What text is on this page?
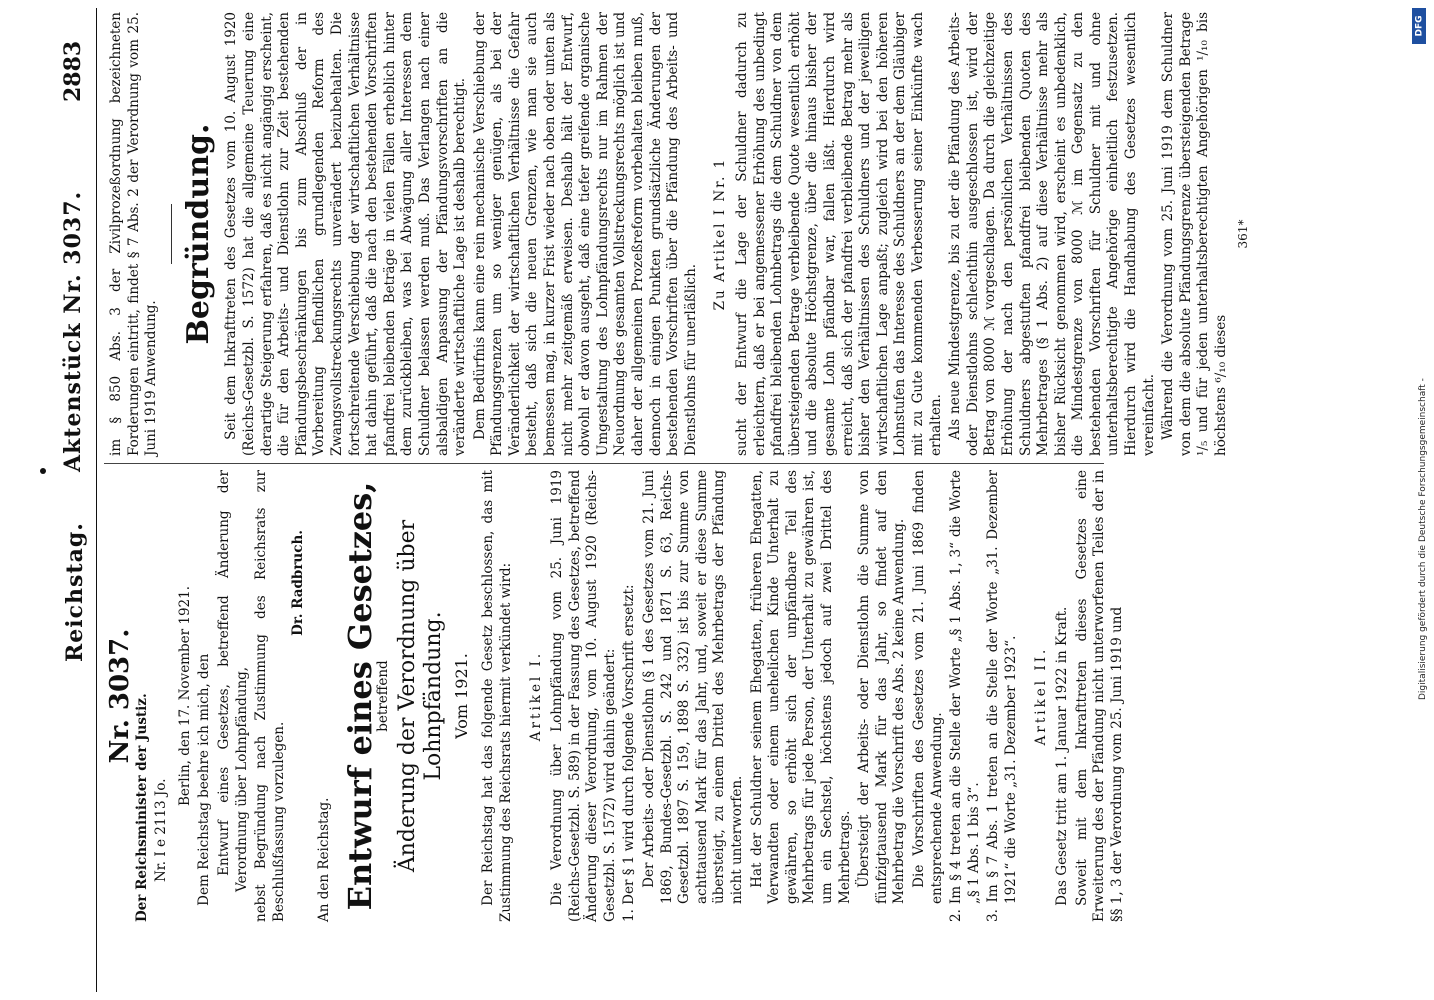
Reichstag.
Aktenstück Nr. 3037.
2883

Nr. 3037.

Der Reichsminister der Justiz. Nr. I e 2113 Jo.

Berlin, den 17. November 1921. Dem Reichstag beehre ich mich, den Entwurf eines Gesetzes, betreffend Änderung der Verordnung über Lohnpfändung, nebst Begründung nach Zustimmung des Reichsrats zur Beschlußfassung vorzulegen.

Dr. Radbruch.

An den Reichstag. Entwurf eines Gesetzes,

betreffend Änderung der Verordnung über Lohnpfändung. Vom 1921. Der Reichstag hat das folgende Gesetz beschlossen, das mit Zustimmung des Reichsrats hiermit verkündet wird: Artikel I. Die Verordnung über Lohnpfändung vom 25. Juni 1919 (Reichs-Gesetzbl. S. 589) in der Fassung des Gesetzes, betreffend Änderung dieser Verordnung, vom 10. August 1920 (Reichs-Gesetzbl. S. 1572) wird dahin geändert: 1. Der § 1 wird durch folgende Vorschrift ersetzt: Der Arbeits- oder Dienstlohn (§ 1 des Gesetzes vom 21. Juni 1869, Bundes-Gesetzbl. S. 242 und 1871 S. 63, Reichs-Gesetzbl. 1897 S. 159, 1898 S. 332) ist bis zur Summe von achttausend Mark für das Jahr, und, soweit er diese Summe übersteigt, zu einem Drittel des Mehrbetrags der Pfändung nicht unterworfen. Hat der Schuldner seinem Ehegatten, früheren Ehegatten, Verwandten oder einem unehelichen Kinde Unterhalt zu gewähren, so erhöht sich der unpfändbare Teil des Mehrbetrags für jede Person, der Unterhalt zu gewähren ist, um ein Sechstel, höchstens jedoch auf zwei Drittel des Mehrbetrags. Übersteigt der Arbeits- oder Dienstlohn die Summe von fünfzigtausend Mark für das Jahr, so findet auf den Mehrbetrag die Vorschrift des Abs. 2 keine Anwendung. Die Vorschriften des Gesetzes vom 21. Juni 1869 finden entsprechende Anwendung. 2. Im § 4 treten an die Stelle der Worte „§ 1 Abs. 1, 3“ die Worte „§ 1 Abs. 1 bis 3“. 3. Im § 7 Abs. 1 treten an die Stelle der Worte „31. Dezember 1921“ die Worte „31. Dezember 1923“. Artikel II. Das Gesetz tritt am 1. Januar 1922 in Kraft. Soweit mit dem Inkrafttreten dieses Gesetzes eine Erweiterung des der Pfändung nicht unterworfenen Teiles der in §§ 1, 3 der Verordnung vom 25. Juni 1919 und

im § 850 Abs. 3 der Zivilprozeßordnung bezeichneten Forderungen eintritt, findet § 7 Abs. 2 der Verordnung vom 25. Juni 1919 Anwendung.

Begründung. Seit dem Inkrafttreten des Gesetzes vom 10. August 1920 (Reichs-Gesetzbl. S. 1572) hat die allgemeine Teuerung eine derartige Steigerung erfahren, daß es nicht angängig erscheint, die für den Arbeits- und Dienstlohn zur Zeit bestehenden Pfändungsbeschränkungen bis zum Abschluß der in Vorbereitung befindlichen grundlegenden Reform des Zwangsvollstreckungsrechts unverändert beizubehalten. Die fortschreitende Verschiebung der wirtschaftlichen Verhältnisse hat dahin geführt, daß die nach den bestehenden Vorschriften pfandfrei bleibenden Beträge in vielen Fällen erheblich hinter dem zurückbleiben, was bei Abwägung aller Interessen dem Schuldner belassen werden muß. Das Verlangen nach einer alsbaldigen Anpassung der Pfändungsvorschriften an die veränderte wirtschaftliche Lage ist deshalb berechtigt. Dem Bedürfnis kann eine rein mechanische Verschiebung der Pfändungsgrenzen um so weniger genügen, als bei der Veränderlichkeit der wirtschaftlichen Verhältnisse die Gefahr besteht, daß sich die neuen Grenzen, wie man sie auch bemessen mag, in kurzer Frist wieder nach oben oder unten als nicht mehr zeitgemäß erweisen. Deshalb hält der Entwurf, obwohl er davon ausgeht, daß eine tiefer greifende organische Umgestaltung des Lohnpfändungsrechts nur im Rahmen der Neuordnung des gesamten Vollstreckungsrechts möglich ist und daher der allgemeinen Prozeßreform vorbehalten bleiben muß, dennoch in einigen Punkten grundsätzliche Änderungen der bestehenden Vorschriften über die Pfändung des Arbeits- und Dienstlohns für unerläßlich.

Zu Artikel I Nr. 1 sucht der Entwurf die Lage der Schuldner dadurch zu erleichtern, daß er bei angemessener Erhöhung des unbedingt pfandfrei bleibenden Lohnbetrags die dem Schuldner von dem übersteigenden Betrage verbleibende Quote wesentlich erhöht und die absolute Höchstgrenze, über die hinaus bisher der gesamte Lohn pfändbar war, fallen läßt. Hierdurch wird erreicht, daß sich der pfandfrei verbleibende Betrag mehr als bisher den Verhältnissen des Schuldners und der jeweiligen wirtschaftlichen Lage anpaßt; zugleich wird bei den höheren Lohnstufen das Interesse des Schuldners an der dem Gläubiger mit zu Gute kommenden Verbesserung seiner Einkünfte wach erhalten. Als neue Mindestgrenze, bis zu der die Pfändung des Arbeits- oder Dienstlohns schlechthin ausgeschlossen ist, wird der Betrag von 8000 ℳ vorgeschlagen. Da durch die gleichzeitige Erhöhung der nach den persönlichen Verhältnissen des Schuldners abgestuften pfandfrei bleibenden Quoten des Mehrbetrages (§ 1 Abs. 2) auf diese Verhältnisse mehr als bisher Rücksicht genommen wird, erscheint es unbedenklich, die Mindestgrenze von 8000 ℳ im Gegensatz zu den bestehenden Vorschriften für Schuldner mit und ohne unterhaltsberechtigte Angehörige einheitlich festzusetzen. Hierdurch wird die Handhabung des Gesetzes wesentlich vereinfacht. Während die Verordnung vom 25. Juni 1919 dem Schuldner von dem die absolute Pfändungsgrenze übersteigenden Betrage ¹/₅ und für jeden unterhaltsberechtigten Angehörigen ¹/₁₀ bis höchstens ⁶/₁₀ dieses

361*

DFG
Digitalisierung gefördert durch die Deutsche Forschungsgemeinschaft -
